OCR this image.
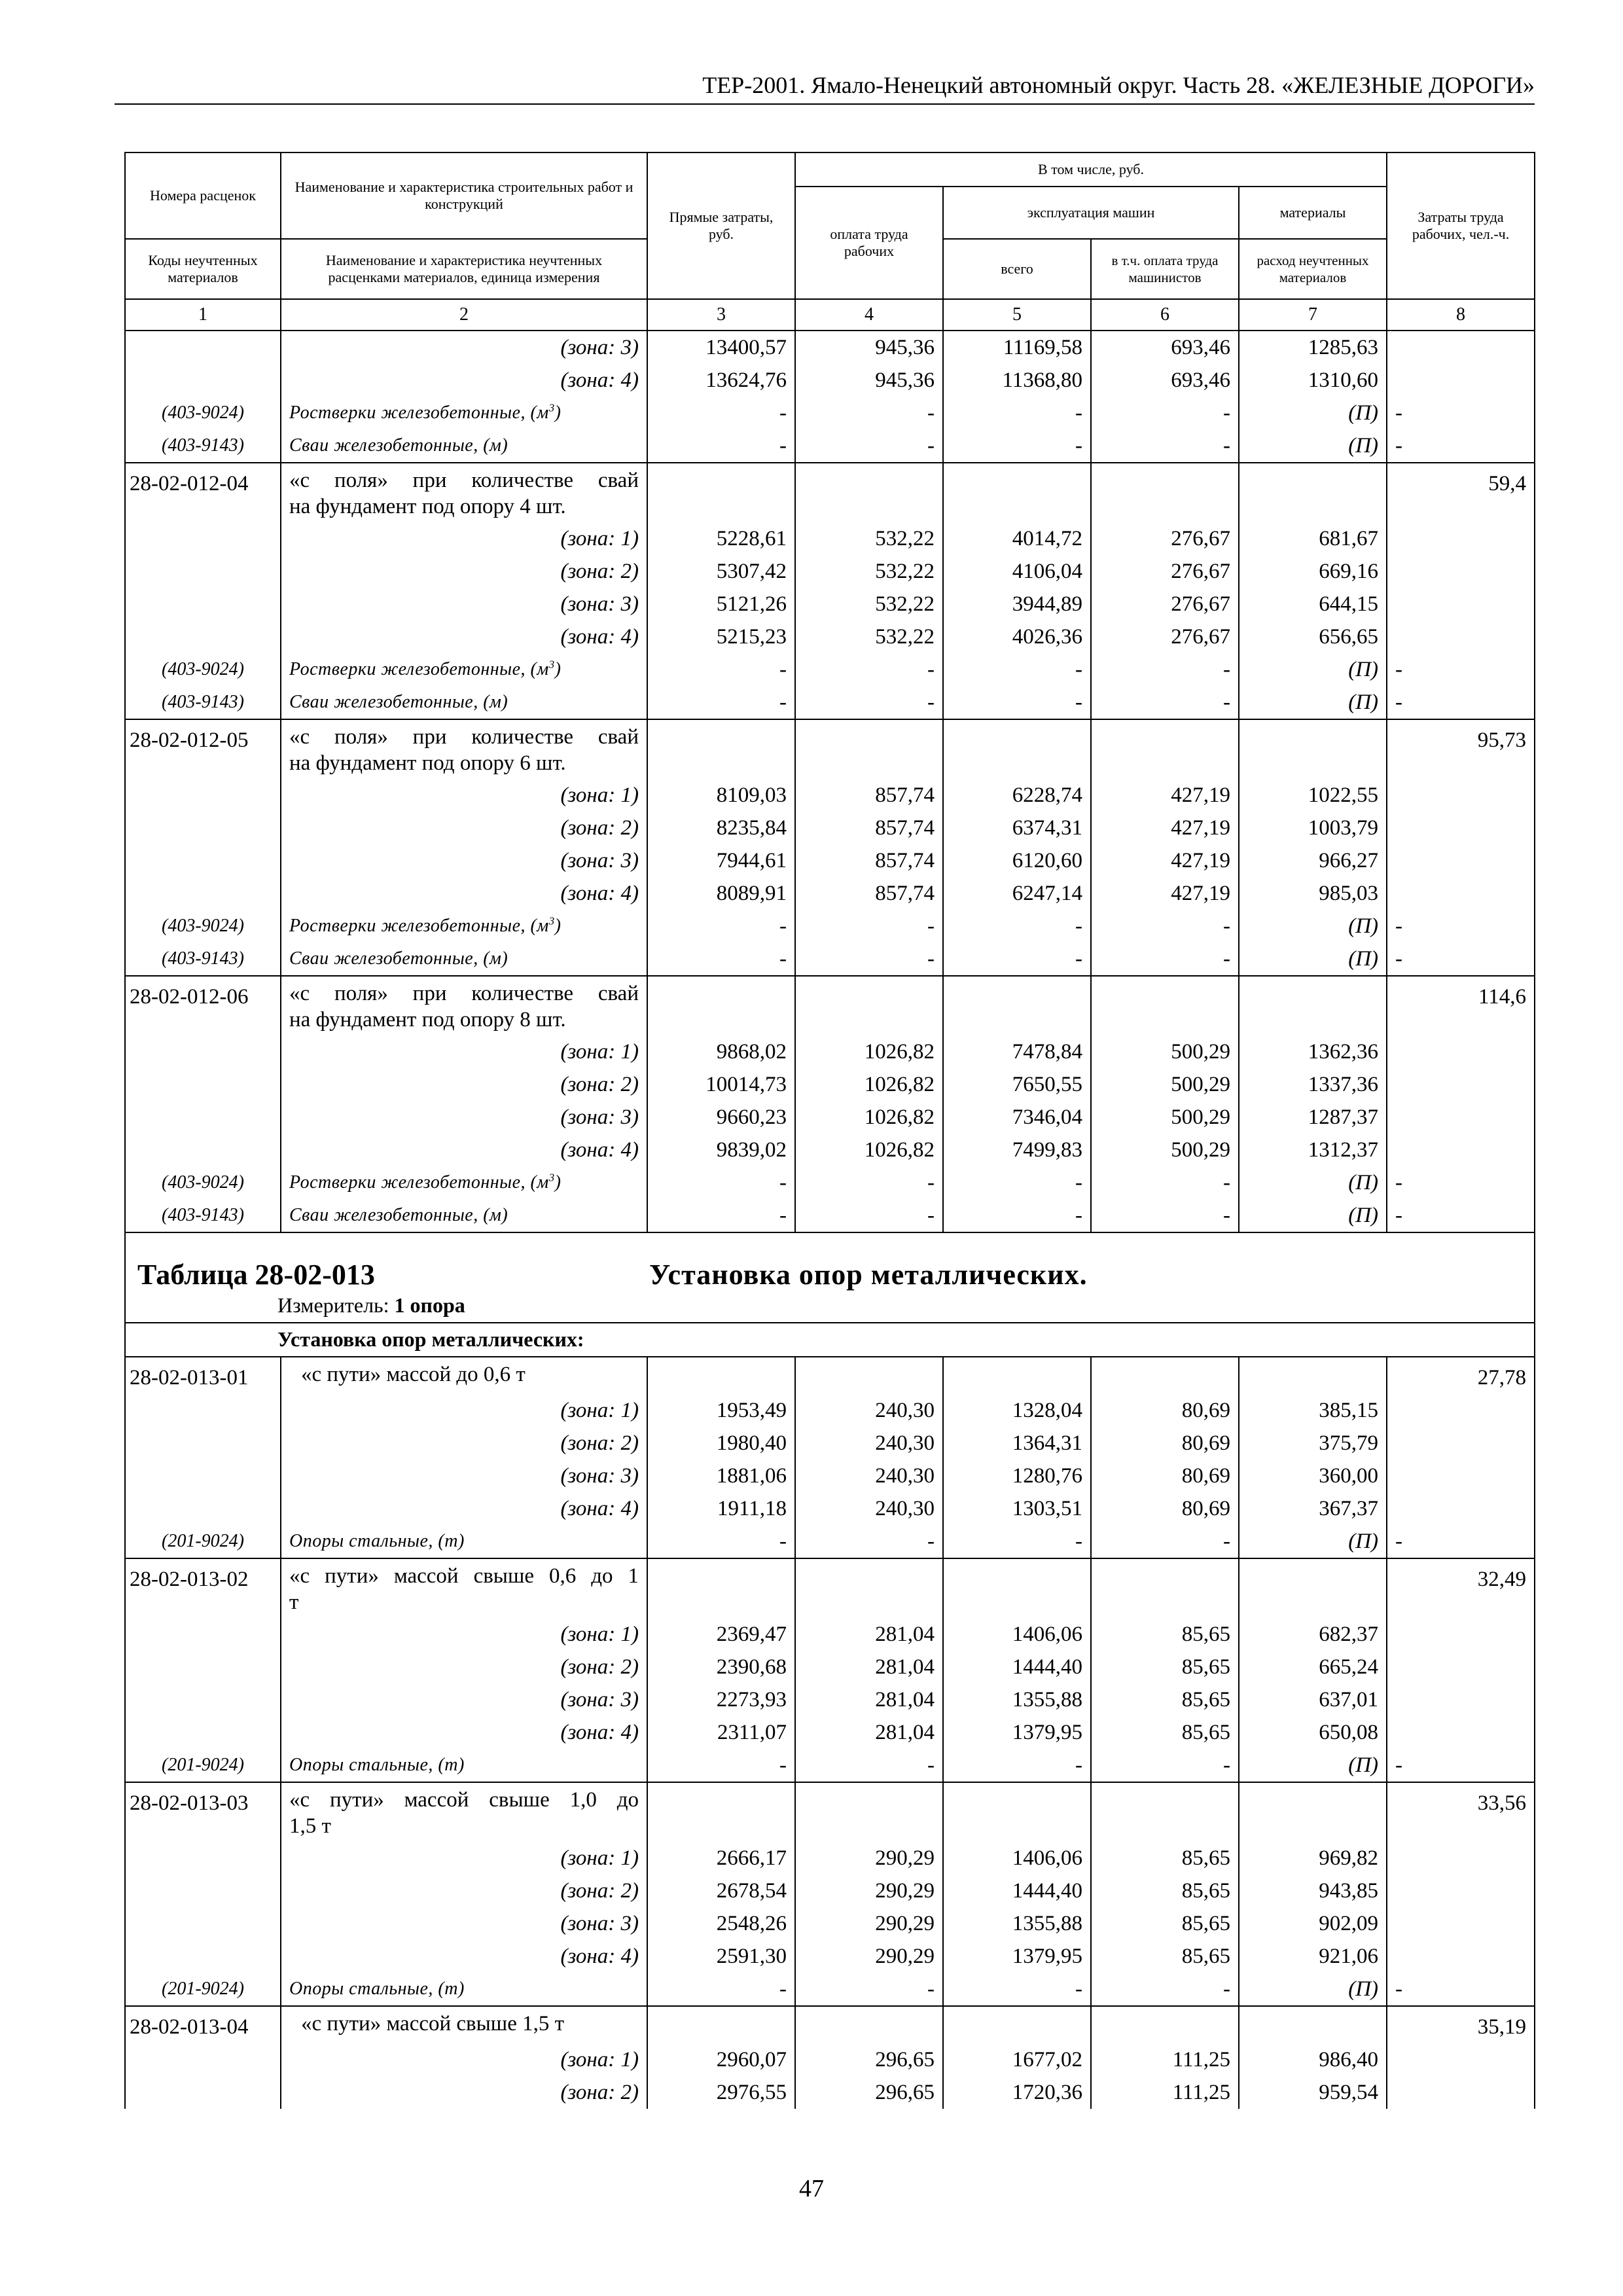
ТЕР-2001. Ямало-Ненецкий автономный округ. Часть 28. «ЖЕЛЕЗНЫЕ ДОРОГИ»
Номера расценок	Наименование и характеристика строительных работ и конструкций	Прямые затраты, руб.	В том числе, руб.				Затраты труда рабочих, чел.-ч.
			оплата труда рабочих	эксплуатация машин		материалы	
Коды неучтенных материалов	Наименование и характеристика неучтенных расценками материалов, единица измерения			всего	в т.ч. оплата труда машинистов	расход неучтенных материалов	
1	2	3	4	5	6	7	8
	(зона: 3)	13400,57	945,36	11169,58	693,46	1285,63	
	(зона: 4)	13624,76	945,36	11368,80	693,46	1310,60	
(403-9024)	Ростверки железобетонные, $(м^3)$	-	-	-	-	(П)	-
(403-9143)	Сваи железобетонные, (м)	-	-	-	-	(П)	-
28-02-012-04	«с поля» при количестве свай
на фундамент под опору 4 шт.						59,4
	(зона: 1)	5228,61	532,22	4014,72	276,67	681,67	
	(зона: 2)	5307,42	532,22	4106,04	276,67	669,16	
	(зона: 3)	5121,26	532,22	3944,89	276,67	644,15	
	(зона: 4)	5215,23	532,22	4026,36	276,67	656,65	
(403-9024)	Ростверки железобетонные, $(м^3)$	-	-	-	-	(П)	-
(403-9143)	Сваи железобетонные, (м)	-	-	-	-	(П)	-
28-02-012-05	«с поля» при количестве свай
на фундамент под опору 6 шт.						95,73
	(зона: 1)	8109,03	857,74	6228,74	427,19	1022,55	
	(зона: 2)	8235,84	857,74	6374,31	427,19	1003,79	
	(зона: 3)	7944,61	857,74	6120,60	427,19	966,27	
	(зона: 4)	8089,91	857,74	6247,14	427,19	985,03	
(403-9024)	Ростверки железобетонные, $(м^3)$	-	-	-	-	(П)	-
(403-9143)	Сваи железобетонные, (м)	-	-	-	-	(П)	-
28-02-012-06	«с поля» при количестве свай
на фундамент под опору 8 шт.						114,6
	(зона: 1)	9868,02	1026,82	7478,84	500,29	1362,36	
	(зона: 2)	10014,73	1026,82	7650,55	500,29	1337,36	
	(зона: 3)	9660,23	1026,82	7346,04	500,29	1287,37	
	(зона: 4)	9839,02	1026,82	7499,83	500,29	1312,37	
(403-9024)	Ростверки железобетонные, $(м^3)$	-	-	-	-	(П)	-
(403-9143)	Сваи железобетонные, (м)	-	-	-	-	(П)	-

Таблица 28-02-013 Установка опор металлических.
Измеритель: 1 опора							

Установка опор металлических:							
28-02-013-01	«с пути» массой до 0,6 т						27,78
	(зона: 1)	1953,49	240,30	1328,04	80,69	385,15	
	(зона: 2)	1980,40	240,30	1364,31	80,69	375,79	
	(зона: 3)	1881,06	240,30	1280,76	80,69	360,00	
	(зона: 4)	1911,18	240,30	1303,51	80,69	367,37	
(201-9024)	Опоры стальные, (т)	-	-	-	-	(П)	-
28-02-013-02	«с пути» массой свыше 0,6 до 1
т						32,49
	(зона: 1)	2369,47	281,04	1406,06	85,65	682,37	
	(зона: 2)	2390,68	281,04	1444,40	85,65	665,24	
	(зона: 3)	2273,93	281,04	1355,88	85,65	637,01	
	(зона: 4)	2311,07	281,04	1379,95	85,65	650,08	
(201-9024)	Опоры стальные, (т)	-	-	-	-	(П)	-
28-02-013-03	«с пути» массой свыше 1,0 до
1,5 т						33,56
	(зона: 1)	2666,17	290,29	1406,06	85,65	969,82	
	(зона: 2)	2678,54	290,29	1444,40	85,65	943,85	
	(зона: 3)	2548,26	290,29	1355,88	85,65	902,09	
	(зона: 4)	2591,30	290,29	1379,95	85,65	921,06	
(201-9024)	Опоры стальные, (т)	-	-	-	-	(П)	-
28-02-013-04	«с пути» массой свыше 1,5 т						35,19
	(зона: 1)	2960,07	296,65	1677,02	111,25	986,40	
	(зона: 2)	2976,55	296,65	1720,36	111,25	959,54	
47
